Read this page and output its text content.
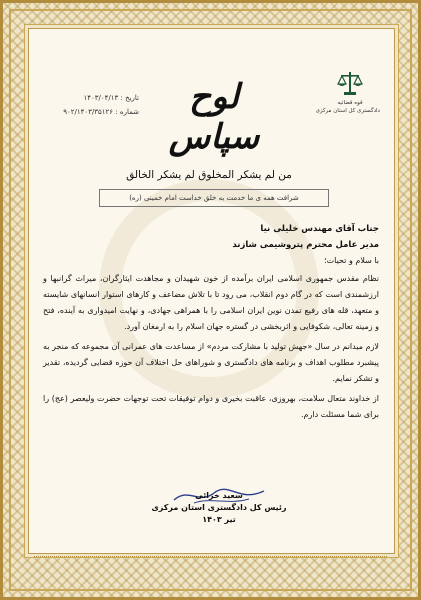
قوه قضائیه
دادگستری کل استان مرکزی
لوح سپاس
تاریخ : ۱۴۰۳/۰۴/۱۳
شماره : ۹۰۲/۱۴۰۳/۳۵۱۲۶
من لم یشکر المخلوق لم یشکر الخالق
شرافت همه ی ما خدمت به خلق خداست امام خمینی (ره)
جناب آقای مهندس خلیلی نیا
مدیر عامل محترم پتروشیمی شازند
با سلام و تحیات؛

نظام مقدس جمهوری اسلامی ایران برآمده از خون شهیدان و مجاهدت ایثارگران، میراث گرانبها و ارزشمندی است که در گام دوم انقلاب، می رود تا با تلاش مضاعف و کارهای استوار انسانهای شایسته و متعهد، قله های رفیع تمدن نوین ایران اسلامی را با همراهی جهادی، و نهایت امیدواری به آینده، فتح و زمینه تعالی، شکوفایی و اثربخشی در گستره جهان اسلام را به ارمغان آورد.

لازم میدانم در سال «جهش تولید با مشارکت مردم» از مساعدت های عمرانی آن مجموعه که منجر به پیشبرد مطلوب اهداف و برنامه های دادگستری و شوراهای حل اختلاف آن حوزه قضایی گردیده، تقدیر و تشکر نمایم.

از خداوند متعال سلامت، بهروزی، عاقبت بخیری و دوام توفیقات تحت توجهات حضرت ولیعصر (عج) را برای شما مسئلت دارم.

سعید خزائی
رئیس کل دادگستری استان مرکزی
تیر ۱۴۰۳
